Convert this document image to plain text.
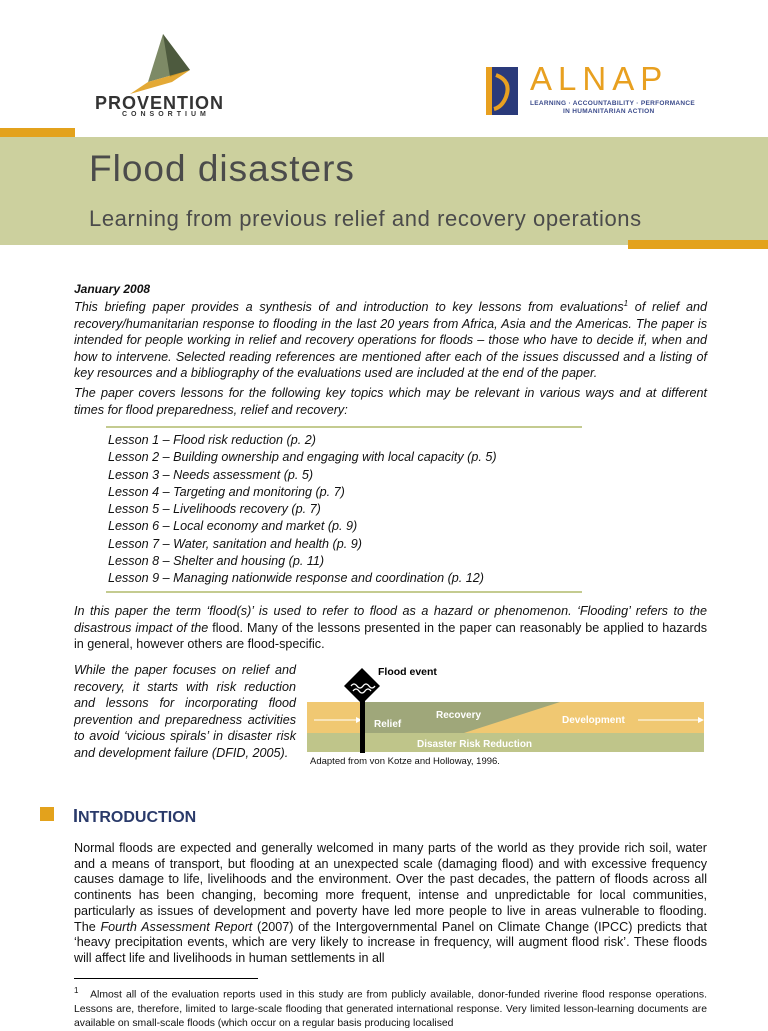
PROVENTION
CONSORTIUM
ALNAP
LEARNING · ACCOUNTABILITY · PERFORMANCE
IN HUMANITARIAN ACTION
Flood disasters
Learning from previous relief and recovery operations
January 2008
This briefing paper provides a synthesis of and introduction to key lessons from evaluations$^1$ of relief and recovery/humanitarian response to flooding in the last 20 years from Africa, Asia and the Americas. The paper is intended for people working in relief and recovery operations for floods – those who have to decide if, when and how to intervene. Selected reading references are mentioned after each of the issues discussed and a listing of key resources and a bibliography of the evaluations used are included at the end of the paper.
The paper covers lessons for the following key topics which may be relevant in various ways and at different times for flood preparedness, relief and recovery:
Lesson 1 – Flood risk reduction (p. 2)
Lesson 2 – Building ownership and engaging with local capacity (p. 5)
Lesson 3 – Needs assessment (p. 5)
Lesson 4 – Targeting and monitoring (p. 7)
Lesson 5 – Livelihoods recovery (p. 7)
Lesson 6 – Local economy and market (p. 9)
Lesson 7 – Water, sanitation and health (p. 9)
Lesson 8 – Shelter and housing (p. 11)
Lesson 9 – Managing nationwide response and coordination (p. 12)
In this paper the term ‘flood(s)’ is used to refer to flood as a hazard or phenomenon. ‘Flooding’ refers to the disastrous impact of the flood. Many of the lessons presented in the paper can reasonably be applied to hazards in general, however others are flood-specific.
While the paper focuses on relief and recovery, it starts with risk reduction and lessons for incorporating flood prevention and preparedness activities to avoid ‘vicious spirals’ in disaster risk and development failure (DFID, 2005).
Flood event
Relief
Recovery	Development
Disaster Risk Reduction
Adapted from von Kotze and Holloway, 1996.
INTRODUCTION
Normal floods are expected and generally welcomed in many parts of the world as they provide rich soil, water and a means of transport, but flooding at an unexpected scale (damaging flood) and with excessive frequency causes damage to life, livelihoods and the environment. Over the past decades, the pattern of floods across all continents has been changing, becoming more frequent, intense and unpredictable for local communities, particularly as issues of development and poverty have led more people to live in areas vulnerable to flooding. The Fourth Assessment Report (2007) of the Intergovernmental Panel on Climate Change (IPCC) predicts that ‘heavy precipitation events, which are very likely to increase in frequency, will augment flood risk’. These floods will affect life and livelihoods in human settlements in all
$^1$ Almost all of the evaluation reports used in this study are from publicly available, donor-funded riverine flood response operations. Lessons are, therefore, limited to large-scale flooding that generated international response. Very limited lesson-learning documents are available on small-scale floods (which occur on a regular basis producing localised
